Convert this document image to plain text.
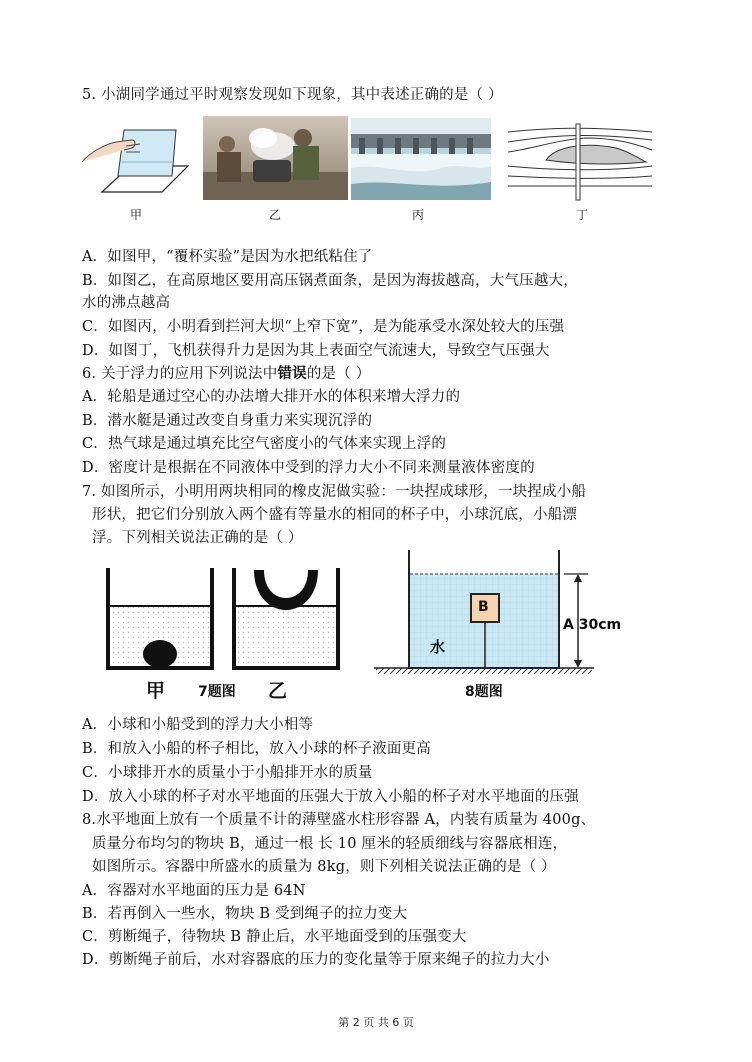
5. 小湖同学通过平时观察发现如下现象，其中表述正确的是（ ）
甲	乙	丙	丁
A．如图甲，“覆杯实验”是因为水把纸粘住了
B．如图乙，在高原地区要用高压锅煮面条，是因为海拔越高，大气压越大，
水的沸点越高
C．如图丙，小明看到拦河大坝“上窄下宽”，是为能承受水深处较大的压强
D．如图丁，飞机获得升力是因为其上表面空气流速大，导致空气压强大
6. 关于浮力的应用下列说法中错误的是（ ）
A．轮船是通过空心的办法增大排开水的体积来增大浮力的
B．潜水艇是通过改变自身重力来实现沉浮的
C．热气球是通过填充比空气密度小的气体来实现上浮的
D．密度计是根据在不同液体中受到的浮力大小不同来测量液体密度的
7. 如图所示，小明用两块相同的橡皮泥做实验：一块捏成球形，一块捏成小船
形状，把它们分别放入两个盛有等量水的相同的杯子中，小球沉底，小船漂
浮。下列相关说法正确的是（ ）
甲 7题图 乙
B
水
A 30cm
8题图
A．小球和小船受到的浮力大小相等
B．和放入小船的杯子相比，放入小球的杯子液面更高
C．小球排开水的质量小于小船排开水的质量
D．放入小球的杯子对水平地面的压强大于放入小船的杯子对水平地面的压强
8.水平地面上放有一个质量不计的薄壁盛水柱形容器 A，内装有质量为 400g、
质量分布均匀的物块 B，通过一根 长 10 厘米的轻质细线与容器底相连，
如图所示。容器中所盛水的质量为 8kg，则下列相关说法正确的是（ ）
A．容器对水平地面的压力是 64N
B．若再倒入一些水，物块 B 受到绳子的拉力变大
C．剪断绳子，待物块 B 静止后，水平地面受到的压强变大
D．剪断绳子前后，水对容器底的压力的变化量等于原来绳子的拉力大小
第 2 页 共 6 页
